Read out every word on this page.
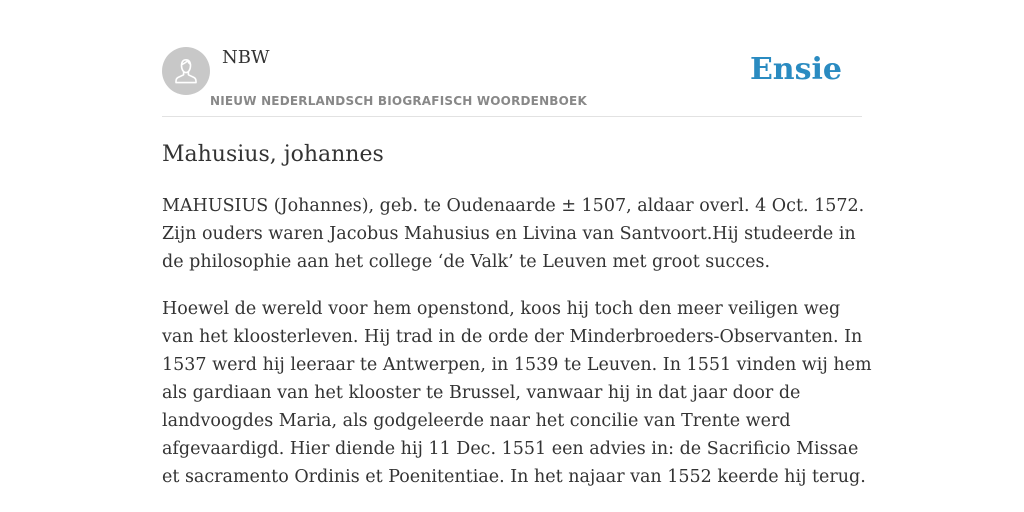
NBW
NIEUW NEDERLANDSCH BIOGRAFISCH WOORDENBOEK
Ensie
Mahusius, johannes

MAHUSIUS (Johannes), geb. te Oudenaarde ± 1507, aldaar overl. 4 Oct. 1572. Zijn ouders waren Jacobus Mahusius en Livina van Santvoort.Hij studeerde in de philosophie aan het college ‘de Valk’ te Leuven met groot succes.

Hoewel de wereld voor hem openstond, koos hij toch den meer veiligen weg van het kloosterleven. Hij trad in de orde der Minderbroeders-Observanten. In 1537 werd hij leeraar te Antwerpen, in 1539 te Leuven. In 1551 vinden wij hem als gardiaan van het klooster te Brussel, vanwaar hij in dat jaar door de landvoogdes Maria, als godgeleerde naar het concilie van Trente werd afgevaardigd. Hier diende hij 11 Dec. 1551 een advies in: de Sacrificio Missae et sacramento Ordinis et Poenitentiae. In het najaar van 1552 keerde hij terug.
